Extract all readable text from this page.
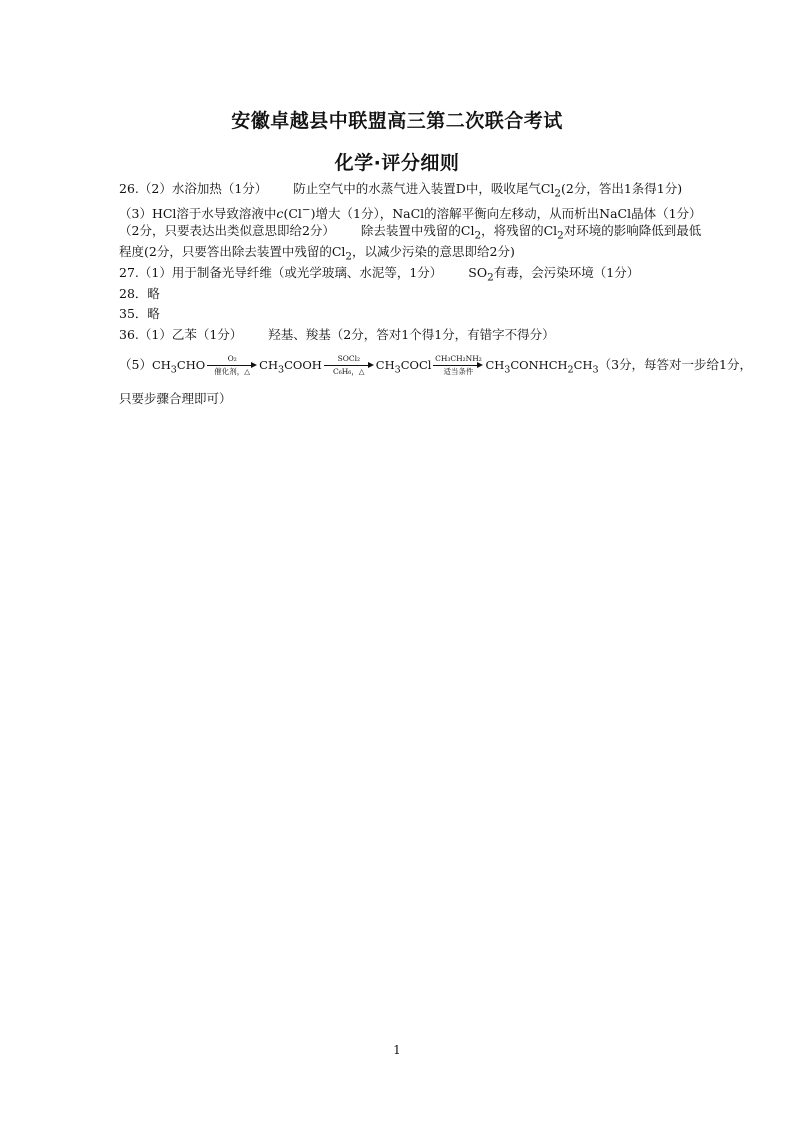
安徽卓越县中联盟高三第二次联合考试
化学·评分细则
26.（2）水浴加热（1分） 防止空气中的水蒸气进入装置D中，吸收尾气$Cl_2(2$分，答出1条得1分)
（3）HCl溶于水导致溶液中c(Cl−)增大（1分），NaCl的溶解平衡向左移动，从而析出NaCl晶体（1分）
（2分，只要表达出类似意思即给2分） 除去装置中残留的$Cl_2$，将残留的$Cl_2$对环境的影响降低到最低
程度(2分，只要答出除去装置中残留的$Cl_2$，以减少污染的意思即给2分)
27.（1）用于制备光导纤维（或光学玻璃、水泥等，1分） $SO_2$有毒，会污染环境（1分）
28．略
35．略
36.（1）乙苯（1分） 羟基、羧基（2分，答对1个得1分，有错字不得分）
$(5)CH_3CHO$	O₂
催化剂，△ $CH_3COOH$	SOCl₂
C₆H₆，△ $CH_3COCl$ CH₃CH₂NH₂
适当条件	$CH_3CONHCH_2CH_3(3$分，每答对一步给1分，
只要步骤合理即可）
1
